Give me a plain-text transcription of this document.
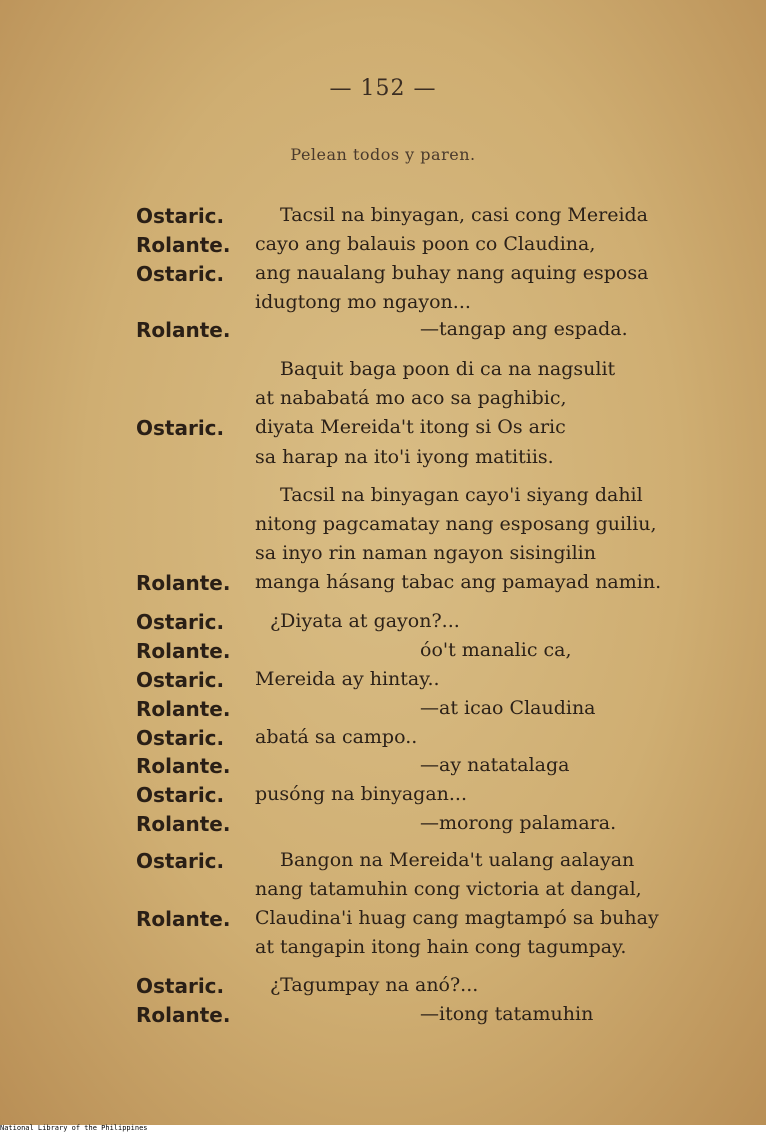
— 152 —
Pelean todos y paren.
Ostaric.	Tacsil na binyagan, casi cong Mereida
Rolante. cayo ang balauis poon co Claudina,
Ostaric. ang naualang buhay nang aquing esposa
idugtong mo ngayon...
Rolante.	—tangap ang espada.
Baquit baga poon di ca na nagsulit
at nababatá mo aco sa paghibic,
Ostaric. diyata Mereida't itong si Os aric
sa harap na ito'i iyong matitiis.
Tacsil na binyagan cayo'i siyang dahil
nitong pagcamatay nang esposang guiliu,
sa inyo rin naman ngayon sisingilin
Rolante. manga hásang tabac ang pamayad namin.
Ostaric. ¿Diyata at gayon?...
Rolante.	óo't manalic ca,
Ostaric. Mereida ay hintay..
Rolante.	—at icao Claudina
Ostaric. abatá sa campo..
Rolante.	—ay natatalaga
Ostaric. pusóng na binyagan...
Rolante.	—morong palamara.
Ostaric.	Bangon na Mereida't ualang aalayan
nang tatamuhin cong victoria at dangal,
Rolante. Claudina'i huag cang magtampó sa buhay
at tangapin itong hain cong tagumpay.
Ostaric. ¿Tagumpay na anó?...
Rolante.	—itong tatamuhin
National Library of the Philippines
